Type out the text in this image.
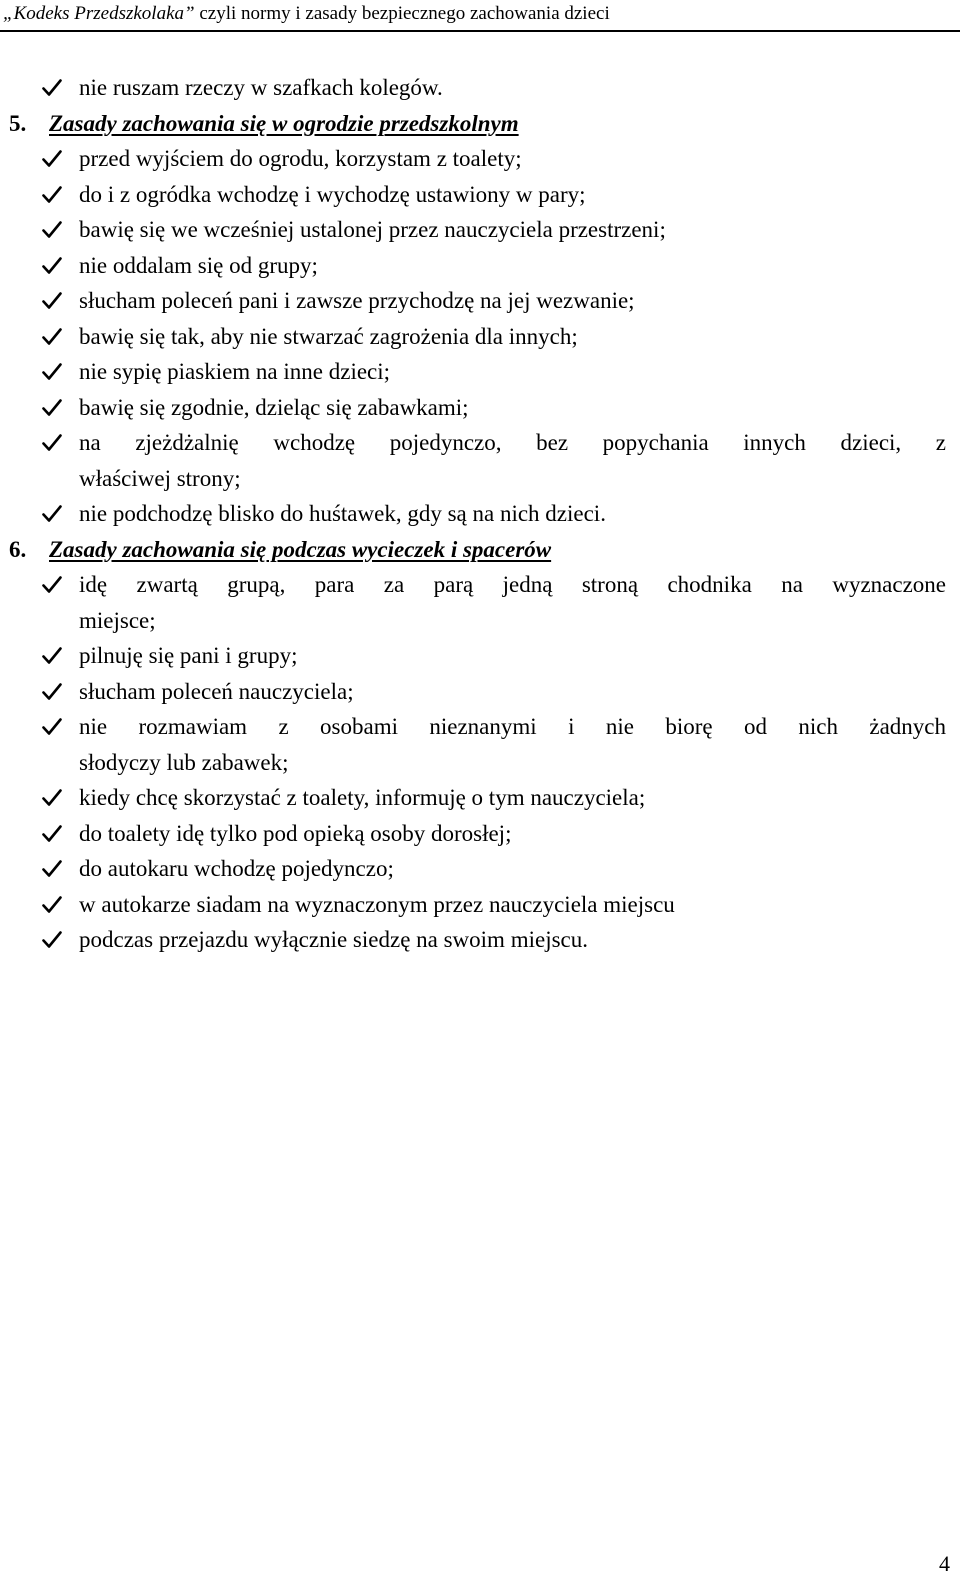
„Kodeks Przedszkolaka” czyli normy i zasady bezpiecznego zachowania dzieci
nie ruszam rzeczy w szafkach kolegów.
5. Zasady zachowania się w ogrodzie przedszkolnym
przed wyjściem do ogrodu, korzystam z toalety;
do i z ogródka wchodzę i wychodzę ustawiony w pary;
bawię się we wcześniej ustalonej przez nauczyciela przestrzeni;
nie oddalam się od grupy;
słucham poleceń pani i zawsze przychodzę na jej wezwanie;
bawię się tak, aby nie stwarzać zagrożenia dla innych;
nie sypię piaskiem na inne dzieci;
bawię się zgodnie, dzieląc się zabawkami;
na zjeżdżalnię wchodzę pojedynczo, bez popychania innych dzieci, z
właściwej strony;
nie podchodzę blisko do huśtawek, gdy są na nich dzieci.
6. Zasady zachowania się podczas wycieczek i spacerów
idę zwartą grupą, para za parą jedną stroną chodnika na wyznaczone
miejsce;
pilnuję się pani i grupy;
słucham poleceń nauczyciela;
nie rozmawiam z osobami nieznanymi i nie biorę od nich żadnych
słodyczy lub zabawek;
kiedy chcę skorzystać z toalety, informuję o tym nauczyciela;
do toalety idę tylko pod opieką osoby dorosłej;
do autokaru wchodzę pojedynczo;
w autokarze siadam na wyznaczonym przez nauczyciela miejscu
podczas przejazdu wyłącznie siedzę na swoim miejscu.
4
